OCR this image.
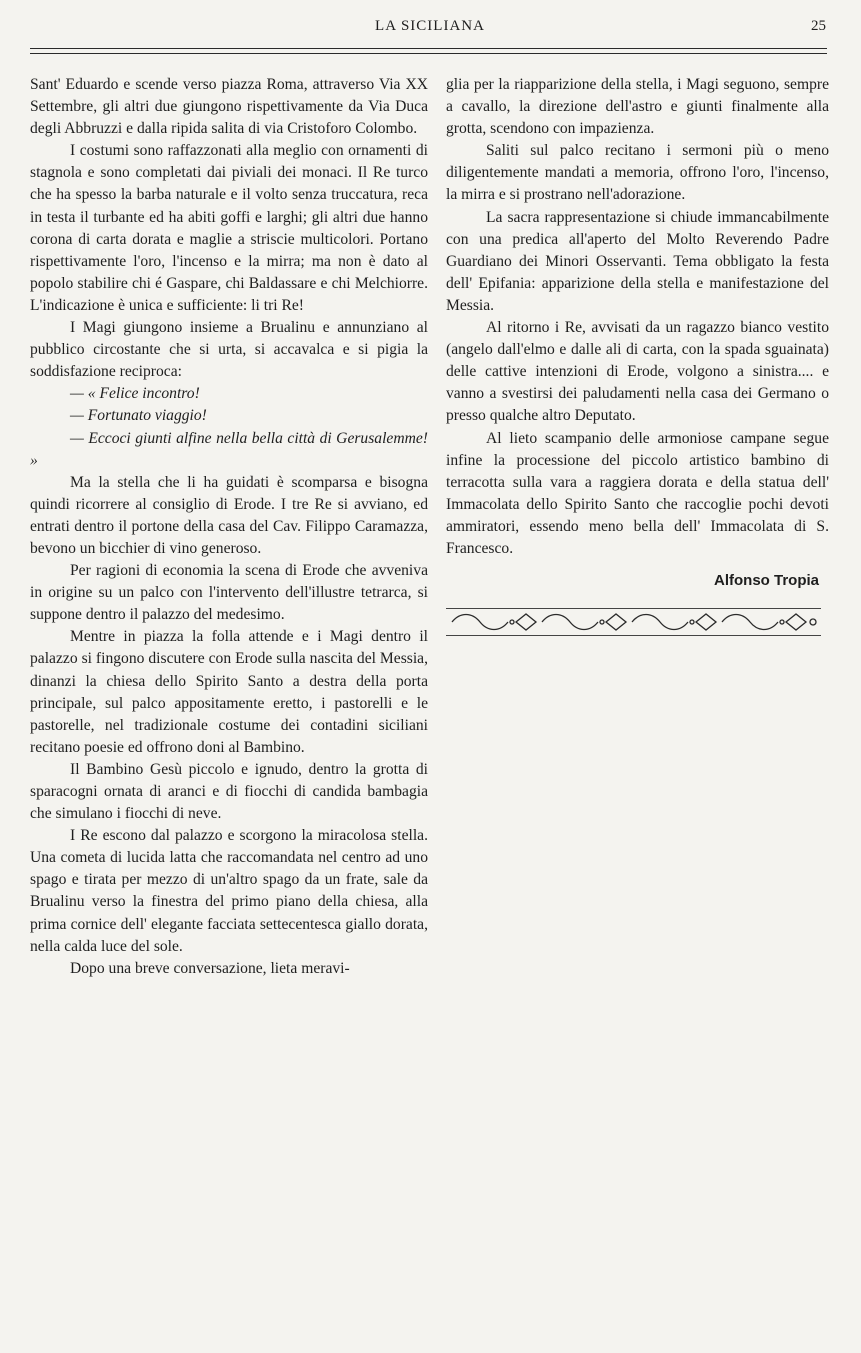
LA SICILIANA	25

Sant' Eduardo e scende verso piazza Roma, attraverso Via XX Settembre, gli altri due giungono rispettivamente da Via Duca degli Abbruzzi e dalla ripida salita di via Cristoforo Colombo.

I costumi sono raffazzonati alla meglio con ornamenti di stagnola e sono completati dai piviali dei monaci. Il Re turco che ha spesso la barba naturale e il volto senza truccatura, reca in testa il turbante ed ha abiti goffi e larghi; gli altri due hanno corona di carta dorata e maglie a striscie multicolori. Portano rispettivamente l'oro, l'incenso e la mirra; ma non è dato al popolo stabilire chi é Gaspare, chi Baldassare e chi Melchiorre. L'indicazione è unica e sufficiente: li tri Re!

I Magi giungono insieme a Brualinu e annunziano al pubblico circostante che si urta, si accavalca e si pigia la soddisfazione reciproca:

— « Felice incontro!

— Fortunato viaggio!

— Eccoci giunti alfine nella bella città di Gerusalemme! »

Ma la stella che li ha guidati è scomparsa e bisogna quindi ricorrere al consiglio di Erode. I tre Re si avviano, ed entrati dentro il portone della casa del Cav. Filippo Caramazza, bevono un bicchier di vino generoso.

Per ragioni di economia la scena di Erode che avveniva in origine su un palco con l'intervento dell'illustre tetrarca, si suppone dentro il palazzo del medesimo.

Mentre in piazza la folla attende e i Magi dentro il palazzo si fingono discutere con Erode sulla nascita del Messia, dinanzi la chiesa dello Spirito Santo a destra della porta principale, sul palco appositamente eretto, i pastorelli e le pastorelle, nel tradizionale costume dei contadini siciliani recitano poesie ed offrono doni al Bambino.

Il Bambino Gesù piccolo e ignudo, dentro la grotta di sparacogni ornata di aranci e di fiocchi di candida bambagia che simulano i fiocchi di neve.

I Re escono dal palazzo e scorgono la miracolosa stella. Una cometa di lucida latta che raccomandata nel centro ad uno spago e tirata per mezzo di un'altro spago da un frate, sale da Brualinu verso la finestra del primo piano della chiesa, alla prima cornice dell' elegante facciata settecentesca giallo dorata, nella calda luce del sole.

Dopo una breve conversazione, lieta meravi-

glia per la riapparizione della stella, i Magi seguono, sempre a cavallo, la direzione dell'astro e giunti finalmente alla grotta, scendono con impazienza.

Saliti sul palco recitano i sermoni più o meno diligentemente mandati a memoria, offrono l'oro, l'incenso, la mirra e si prostrano nell'adorazione.

La sacra rappresentazione si chiude immancabilmente con una predica all'aperto del Molto Reverendo Padre Guardiano dei Minori Osservanti. Tema obbligato la festa dell' Epifania: apparizione della stella e manifestazione del Messia.

Al ritorno i Re, avvisati da un ragazzo bianco vestito (angelo dall'elmo e dalle ali di carta, con la spada sguainata) delle cattive intenzioni di Erode, volgono a sinistra.... e vanno a svestirsi dei paludamenti nella casa dei Germano o presso qualche altro Deputato.

Al lieto scampanio delle armoniose campane segue infine la processione del piccolo artistico bambino di terracotta sulla vara a raggiera dorata e della statua dell' Immacolata dello Spirito Santo che raccoglie pochi devoti ammiratori, essendo meno bella dell' Immacolata di S. Francesco.

Alfonso Tropia
